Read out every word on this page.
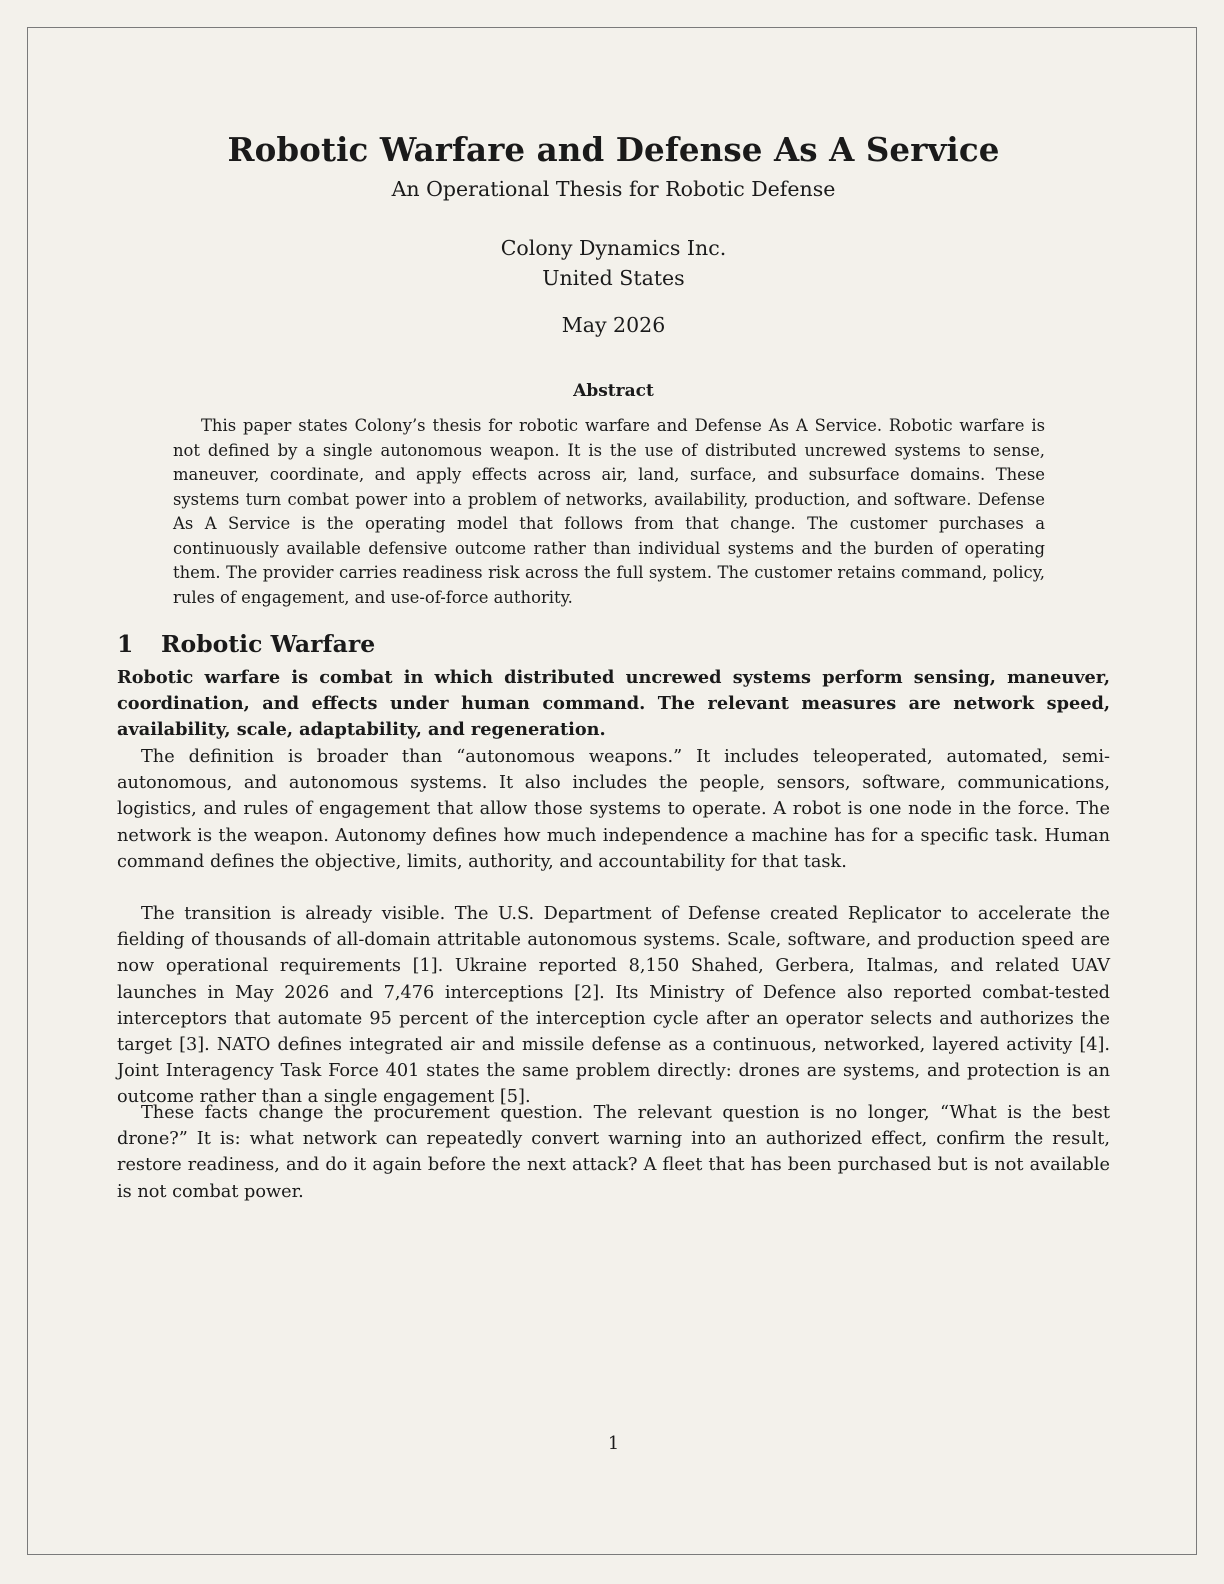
Robotic Warfare and Defense As A Service
An Operational Thesis for Robotic Defense
Colony Dynamics Inc.
United States
May 2026
Abstract

This paper states Colony’s thesis for robotic warfare and Defense As A Service. Robotic warfare is not defined by a single autonomous weapon. It is the use of distributed uncrewed systems to sense, maneuver, coordinate, and apply effects across air, land, surface, and subsurface domains. These systems turn combat power into a problem of networks, availability, production, and software. Defense As A Service is the operating model that follows from that change. The customer purchases a continuously available defensive outcome rather than individual systems and the burden of operating them. The provider carries readiness risk across the full system. The customer retains command, policy, rules of engagement, and use-of-force authority.

1 Robotic Warfare

Robotic warfare is combat in which distributed uncrewed systems perform sensing, maneuver, coordination, and effects under human command. The relevant measures are network speed, availability, scale, adaptability, and regeneration.

The definition is broader than “autonomous weapons.” It includes teleoperated, automated, semi-autonomous, and autonomous systems. It also includes the people, sensors, software, communications, logistics, and rules of engagement that allow those systems to operate. A robot is one node in the force. The network is the weapon. Autonomy defines how much independence a machine has for a specific task. Human command defines the objective, limits, authority, and accountability for that task.

The transition is already visible. The U.S. Department of Defense created Replicator to accelerate the fielding of thousands of all-domain attritable autonomous systems. Scale, software, and production speed are now operational requirements [1]. Ukraine reported 8,150 Shahed, Gerbera, Italmas, and related UAV launches in May 2026 and 7,476 interceptions [2]. Its Ministry of Defence also reported combat-tested interceptors that automate 95 percent of the interception cycle after an operator selects and authorizes the target [3]. NATO defines integrated air and missile defense as a continuous, networked, layered activity [4]. Joint Interagency Task Force 401 states the same problem directly: drones are systems, and protection is an outcome rather than a single engagement [5].

These facts change the procurement question. The relevant question is no longer, “What is the best drone?” It is: what network can repeatedly convert warning into an authorized effect, confirm the result, restore readiness, and do it again before the next attack? A fleet that has been purchased but is not available is not combat power.

1
